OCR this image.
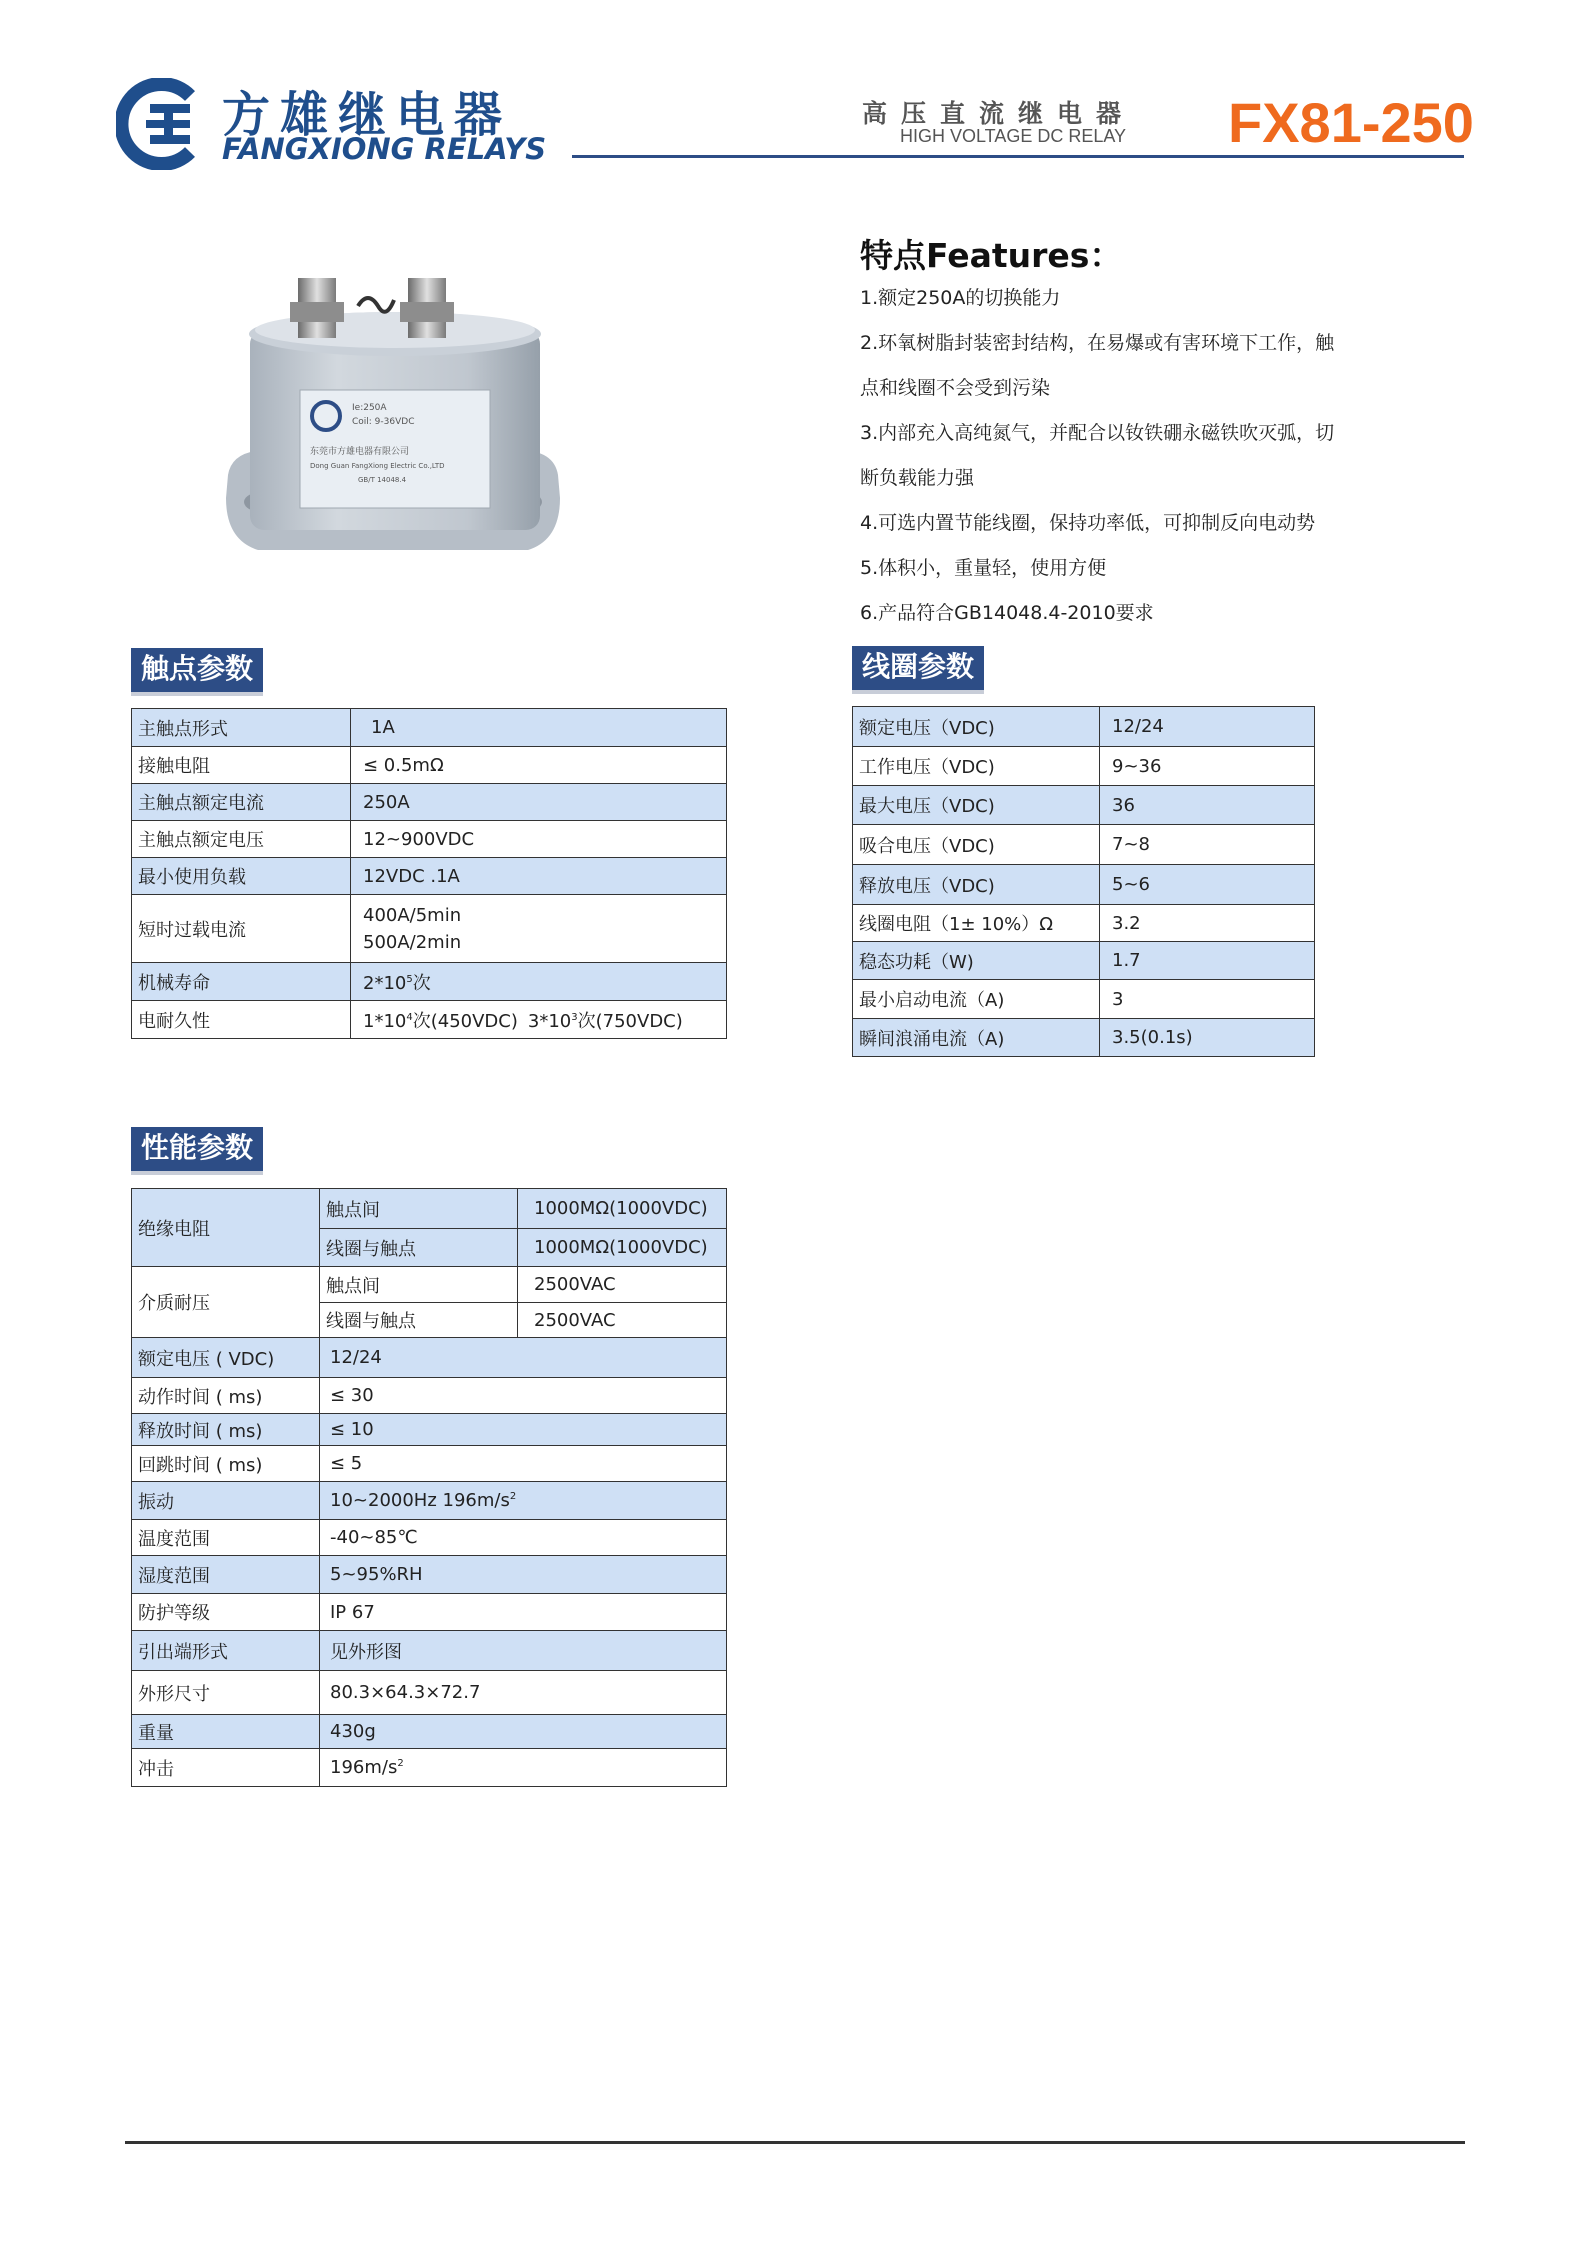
方雄继电器
FANGXIONG RELAYS
高压直流继电器
HIGH VOLTAGE DC RELAY FX81-250
Ie:250A
Coil: 9-36VDC
东莞市方雄电器有限公司
Dong Guan FangXiong Electric Co.,LTD
GB/T 14048.4
特点Features：
1.额定250A的切换能力
2.环氧树脂封装密封结构，在易爆或有害环境下工作，触
点和线圈不会受到污染
3.内部充入高纯氮气，并配合以钕铁硼永磁铁吹灭弧，切
断负载能力强
4.可选内置节能线圈，保持功率低，可抑制反向电动势
5.体积小，重量轻，使用方便
6.产品符合GB14048.4-2010要求
触点参数
主触点形式	1A
接触电阻	≤ 0.5mΩ
主触点额定电流	250A
主触点额定电压	12~900VDC
最小使用负载	12VDC .1A
短时过载电流	400A/5min
500A/2min

机械寿命	$2*10^5$次
电耐久性	$1*10^4$次(450VDC) $3*10^3$次(750VDC)
线圈参数
额定电压（VDC)	12/24
工作电压（VDC)	9~36
最大电压（VDC)	36
吸合电压（VDC)	7~8
释放电压（VDC)	5~6
线圈电阻（1± 10%）Ω	3.2
稳态功耗（W)	1.7
最小启动电流（A)	3
瞬间浪涌电流（A)	3.5(0.1s)
性能参数
绝缘电阻	触点间	1000MΩ(1000VDC)
	线圈与触点	1000MΩ(1000VDC)
介质耐压	触点间	2500VAC
	线圈与触点	2500VAC
额定电压 ( VDC)	12/24	
动作时间 ( ms)	≤ 30	
释放时间 ( ms)	≤ 10	
回跳时间 ( ms)	≤ 5	
振动	10~2000Hz $196m/s^2$
温度范围	-40~85℃	
湿度范围	5~95%RH	
防护等级	IP 67	
引出端形式	见外形图	
外形尺寸	80.3×64.3×72.7	
重量	430g	
冲击	$196m/s^2$
